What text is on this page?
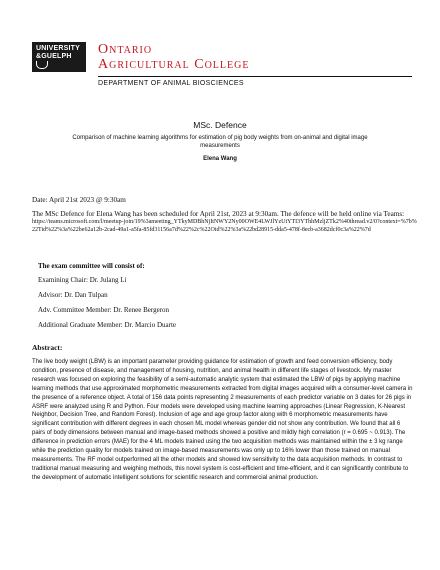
UNIVERSITY
&GUELPH	Ontario
Agricultural College
DEPARTMENT OF ANIMAL BIOSCIENCES
MSc. Defence
Comparison of machine learning algorithms for estimation of pig body weights from on-animal and digital image measurements
Elena Wang
Date: April 21st 2023 @ 9:30am
The MSc Defence for Elena Wang has been scheduled for April 21st, 2023 at 9:30am. The defence will be held online via Teams:
https://teams.microsoft.com/l/meetup-join/19%3ameeting_YTkyMDBhNjItNWY2Ny00OWE4LWJlYzUtYTI3YThhMzljZTk2%40thread.v2/0?context=%7b%22Tid%22%3a%22be62a12b-2cad-49a1-a5fa-85fd31156a7d%22%2c%22Oid%22%3a%22bd28915-dda5-478f-8ecb-a3682dcf0c3a%22%7d
The exam committee will consist of:
Examining Chair: Dr. Julang Li
Advisor: Dr. Dan Tulpan
Adv. Committee Member: Dr. Renee Bergeron
Additional Graduate Member: Dr. Marcio Duarte
Abstract:
The live body weight (LBW) is an important parameter providing guidance for estimation of growth and feed conversion efficiency, body condition, presence of disease, and management of housing, nutrition, and animal health in different life stages of livestock. My master research was focused on exploring the feasibility of a semi-automatic analytic system that estimated the LBW of pigs by applying machine learning methods that use approximated morphometric measurements extracted from digital images acquired with a consumer-level camera in the presence of a reference object. A total of 156 data points representing 2 measurements of each predictor variable on 3 dates for 26 pigs in ASRF were analyzed using R and Python. Four models were developed using machine learning approaches (Linear Regression, K-Nearest Neighbor, Decision Tree, and Random Forest). Inclusion of age and age group factor along with 6 morphometric measurements have significant contribution with different degrees in each chosen ML model whereas gender did not show any contribution. We found that all 6 pairs of body dimensions between manual and image-based methods showed a positive and mildly high correlation (r = 0.695 ~ 0.913). The difference in prediction errors (MAE) for the 4 ML models trained using the two acquisition methods was maintained within the ± 3 kg range while the prediction quality for models trained on image-based measurements was only up to 16% lower than those trained on manual measurements. The RF model outperformed all the other models and showed low sensitivity to the data acquisition methods. In contrast to traditional manual measuring and weighing methods, this novel system is cost-efficient and time-efficient, and it can significantly contribute to the development of automatic intelligent solutions for scientific research and commercial animal production.
